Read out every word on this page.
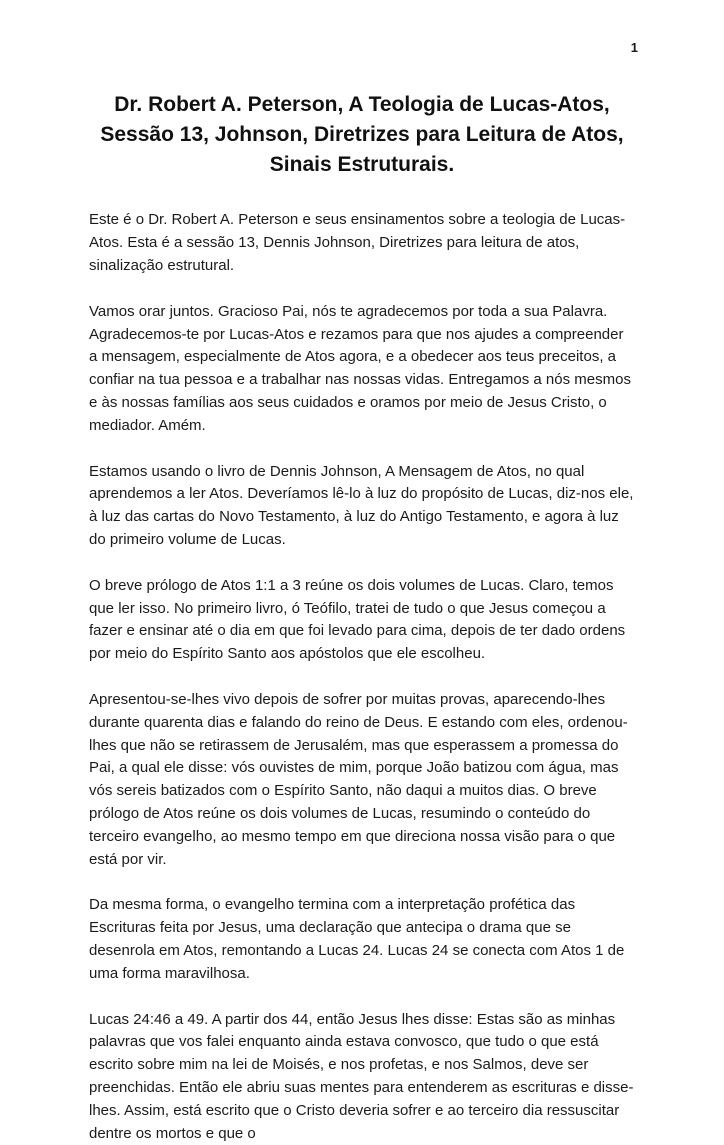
1
Dr. Robert A. Peterson, A Teologia de Lucas-Atos,
Sessão 13, Johnson, Diretrizes para Leitura de Atos,
Sinais Estruturais.

Este é o Dr. Robert A. Peterson e seus ensinamentos sobre a teologia de Lucas-Atos. Esta é a sessão 13, Dennis Johnson, Diretrizes para leitura de atos, sinalização estrutural.

Vamos orar juntos. Gracioso Pai, nós te agradecemos por toda a sua Palavra. Agradecemos-te por Lucas-Atos e rezamos para que nos ajudes a compreender a mensagem, especialmente de Atos agora, e a obedecer aos teus preceitos, a confiar na tua pessoa e a trabalhar nas nossas vidas. Entregamos a nós mesmos e às nossas famílias aos seus cuidados e oramos por meio de Jesus Cristo, o mediador. Amém.

Estamos usando o livro de Dennis Johnson, A Mensagem de Atos, no qual aprendemos a ler Atos. Deveríamos lê-lo à luz do propósito de Lucas, diz-nos ele, à luz das cartas do Novo Testamento, à luz do Antigo Testamento, e agora à luz do primeiro volume de Lucas.

O breve prólogo de Atos 1:1 a 3 reúne os dois volumes de Lucas. Claro, temos que ler isso. No primeiro livro, ó Teófilo, tratei de tudo o que Jesus começou a fazer e ensinar até o dia em que foi levado para cima, depois de ter dado ordens por meio do Espírito Santo aos apóstolos que ele escolheu.

Apresentou-se-lhes vivo depois de sofrer por muitas provas, aparecendo-lhes durante quarenta dias e falando do reino de Deus. E estando com eles, ordenou-lhes que não se retirassem de Jerusalém, mas que esperassem a promessa do Pai, a qual ele disse: vós ouvistes de mim, porque João batizou com água, mas vós sereis batizados com o Espírito Santo, não daqui a muitos dias. O breve prólogo de Atos reúne os dois volumes de Lucas, resumindo o conteúdo do terceiro evangelho, ao mesmo tempo em que direciona nossa visão para o que está por vir.

Da mesma forma, o evangelho termina com a interpretação profética das Escrituras feita por Jesus, uma declaração que antecipa o drama que se desenrola em Atos, remontando a Lucas 24. Lucas 24 se conecta com Atos 1 de uma forma maravilhosa.

Lucas 24:46 a 49. A partir dos 44, então Jesus lhes disse: Estas são as minhas palavras que vos falei enquanto ainda estava convosco, que tudo o que está escrito sobre mim na lei de Moisés, e nos profetas, e nos Salmos, deve ser preenchidas. Então ele abriu suas mentes para entenderem as escrituras e disse-lhes. Assim, está escrito que o Cristo deveria sofrer e ao terceiro dia ressuscitar dentre os mortos e que o
